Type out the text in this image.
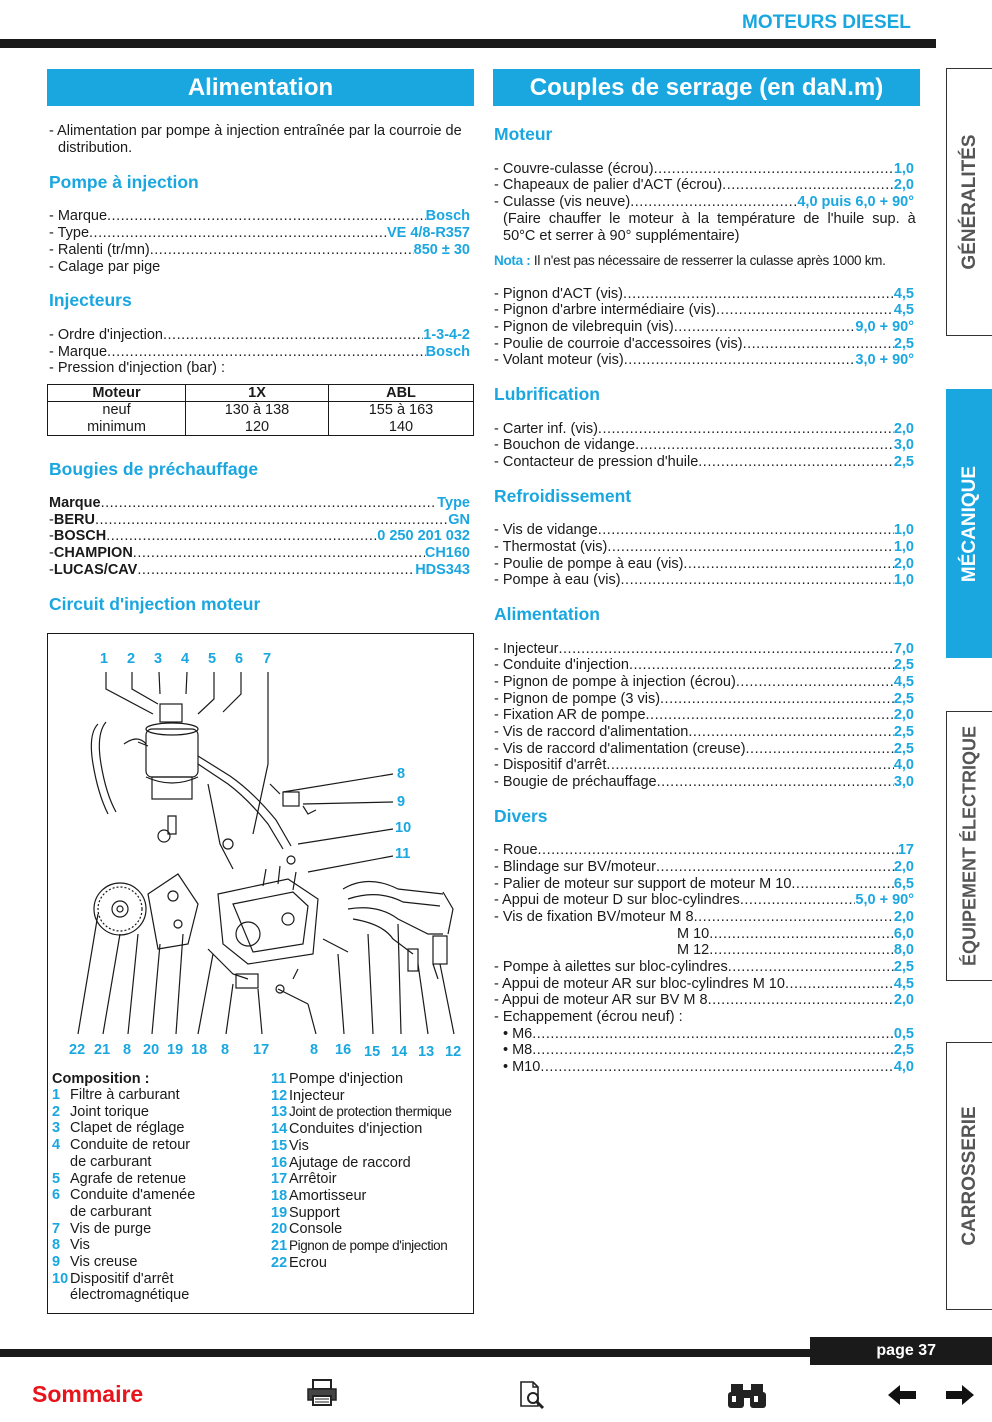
MOTEURS DIESEL
Alimentation
- Alimentation par pompe à injection entraînée par la courroie de
distribution.
Pompe à injection
- Marque .....	Bosch
- Type .....	VE 4/8-R357
- Ralenti (tr/mn) .....	850 ± 30
- Calage par pige
Injecteurs
- Ordre d'injection .....	1-3-4-2
- Marque .....	Bosch
- Pression d'injection (bar) :
Moteur	1X	ABL
neuf	130 à 138	155 à 163
minimum	120	140
Bougies de préchauffage
Marque .....	Type
- BERU .....	GN
- BOSCH .....	0 250 201 032
- CHAMPION .....	CH160
- LUCAS/CAV .....	HDS343
Circuit d'injection moteur
1 2 3 4 5 6 7
8
9
10
11
22 21 8 20 19 18 8 17	8 16 15 14 13 12
Composition :
1 Filtre à carburant
2 Joint torique
3 Clapet de réglage
4 Conduite de retour
de carburant
5 Agrafe de retenue
6 Conduite d'amenée
de carburant
7 Vis de purge
8 Vis
9 Vis creuse
10 Dispositif d'arrêt
électromagnétique
11 Pompe d'injection
12 Injecteur
13 Joint de protection thermique
14 Conduites d'injection
15 Vis
16 Ajutage de raccord
17 Arrêtoir
18 Amortisseur
19 Support
20 Console
21 Pignon de pompe d'injection
22 Ecrou
Couples de serrage (en daN.m)
Moteur
- Couvre-culasse (écrou) .....	1,0
- Chapeaux de palier d'ACT (écrou) .....	2,0
- Culasse (vis neuve) .....	4,0 puis 6,0 + 90°
(Faire  chauffer  le  moteur  à  la  température  de  l'huile  sup.  à
50°C et serrer à 90° supplémentaire)
Nota : Il n'est pas nécessaire de resserrer la culasse après 1000 km.
- Pignon d'ACT (vis) .....	4,5
- Pignon d'arbre intermédiaire (vis) .....	4,5
- Pignon de vilebrequin (vis) .....	9,0 + 90°
- Poulie de courroie d'accessoires (vis) .....	2,5
- Volant moteur (vis) .....	3,0 + 90°
Lubrification
- Carter inf. (vis) .....	2,0
- Bouchon de vidange .....	3,0
- Contacteur de pression d'huile .....	2,5
Refroidissement
- Vis de vidange .....	1,0
- Thermostat (vis) .....	1,0
- Poulie de pompe à eau (vis) .....	2,0
- Pompe à eau (vis) .....	1,0
Alimentation
- Injecteur .....	7,0
- Conduite d'injection .....	2,5
- Pignon de pompe à injection (écrou) .....	4,5
- Pignon de pompe (3 vis) .....	2,5
- Fixation AR de pompe .....	2,0
- Vis de raccord d'alimentation .....	2,5
- Vis de raccord d'alimentation (creuse) .....	2,5
- Dispositif d'arrêt .....	4,0
- Bougie de préchauffage .....	3,0
Divers
- Roue .....	17
- Blindage sur BV/moteur .....	2,0
- Palier de moteur sur support de moteur M 10 .....	6,5
- Appui de moteur D sur bloc-cylindres .....	5,0 + 90°
- Vis de fixation BV/moteur M 8 .....	2,0
M 10 .....	6,0
M 12 .....	8,0
- Pompe à ailettes sur bloc-cylindres .....	2,5
- Appui de moteur AR sur bloc-cylindres M 10 .....	4,5
- Appui de moteur AR sur BV M 8 .....	2,0
- Echappement (écrou neuf) :
• M6 .....	0,5
• M8 .....	2,5
• M10 .....	4,0
GÉNÉRALITÉS
MÉCANIQUE
ÉQUIPEMENT ÉLECTRIQUE
CARROSSERIE
page 37
Sommaire
